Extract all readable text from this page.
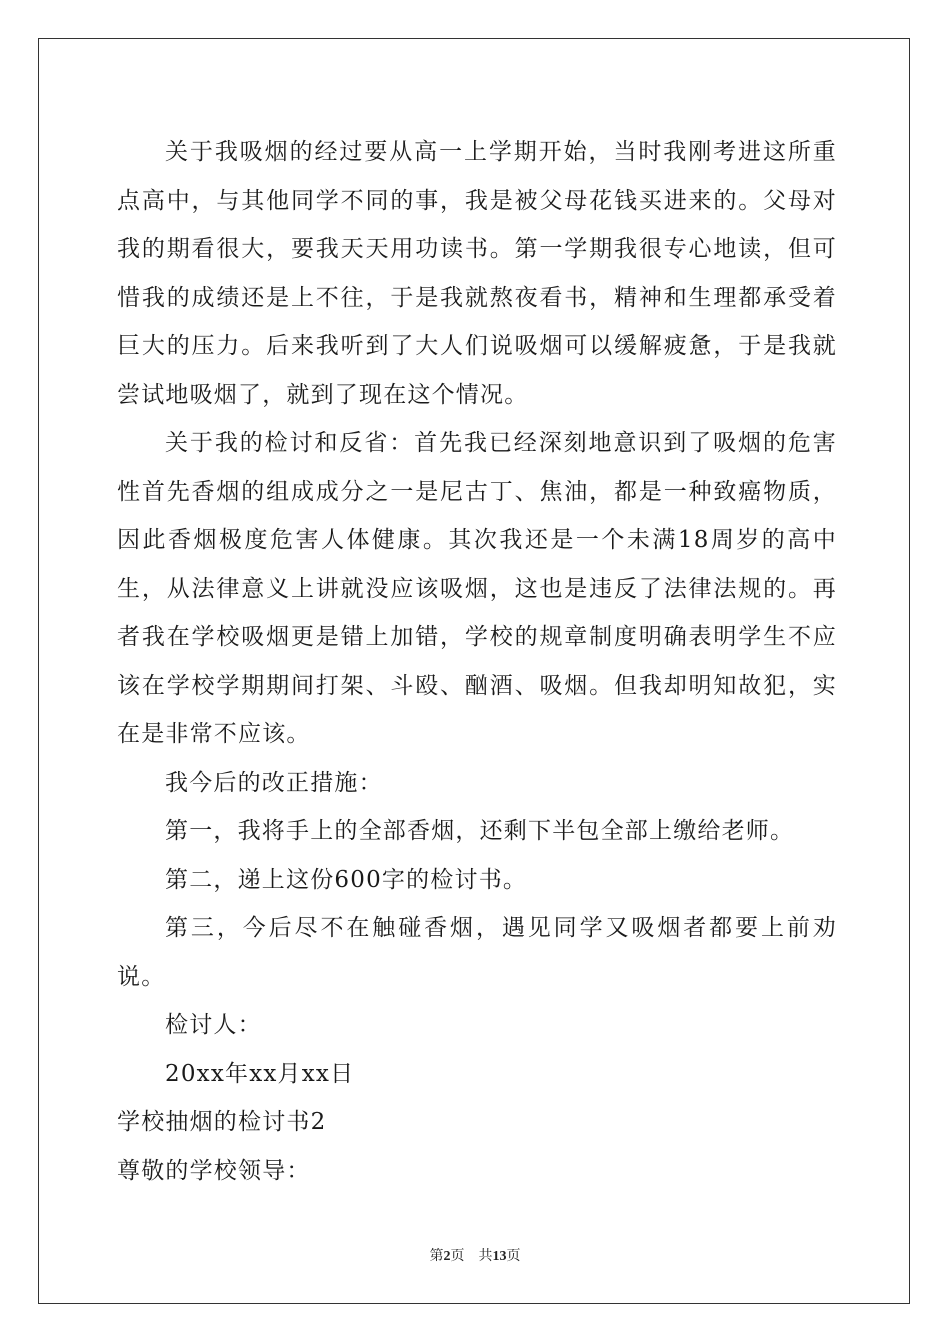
关于我吸烟的经过要从高一上学期开始，当时我刚考进这所重点高中，与其他同学不同的事，我是被父母花钱买进来的。父母对我的期看很大，要我天天用功读书。第一学期我很专心地读，但可惜我的成绩还是上不往，于是我就熬夜看书，精神和生理都承受着巨大的压力。后来我听到了大人们说吸烟可以缓解疲惫，于是我就尝试地吸烟了，就到了现在这个情况。

关于我的检讨和反省：首先我已经深刻地意识到了吸烟的危害性首先香烟的组成成分之一是尼古丁、焦油，都是一种致癌物质，因此香烟极度危害人体健康。其次我还是一个未满18周岁的高中生，从法律意义上讲就没应该吸烟，这也是违反了法律法规的。再者我在学校吸烟更是错上加错，学校的规章制度明确表明学生不应该在学校学期期间打架、斗殴、酗酒、吸烟。但我却明知故犯，实在是非常不应该。

我今后的改正措施：

第一，我将手上的全部香烟，还剩下半包全部上缴给老师。

第二，递上这份600字的检讨书。

第三，今后尽不在触碰香烟，遇见同学又吸烟者都要上前劝说。

检讨人：

20xx年xx月xx日

学校抽烟的检讨书2

尊敬的学校领导：

第2页 共13页
